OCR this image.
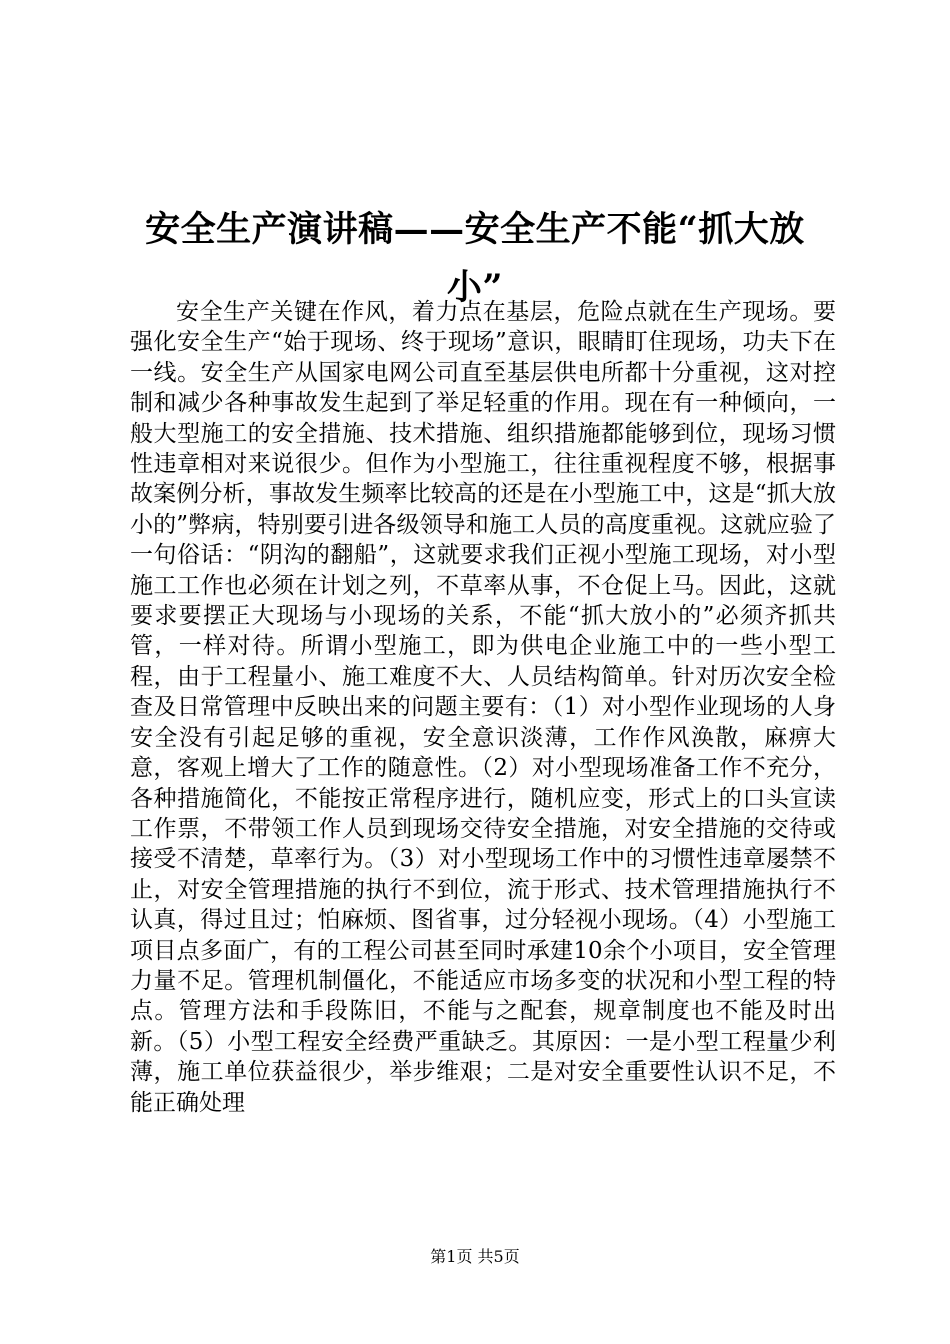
安全生产演讲稿——安全生产不能“抓大放
小”

安全生产关键在作风，着力点在基层，危险点就在生产现场。要强化安全生产“始于现场、终于现场”意识，眼睛盯住现场，功夫下在一线。安全生产从国家电网公司直至基层供电所都十分重视，这对控制和减少各种事故发生起到了举足轻重的作用。现在有一种倾向，一般大型施工的安全措施、技术措施、组织措施都能够到位，现场习惯性违章相对来说很少。但作为小型施工，往往重视程度不够，根据事故案例分析，事故发生频率比较高的还是在小型施工中，这是“抓大放小的”弊病，特别要引进各级领导和施工人员的高度重视。这就应验了一句俗话：“阴沟的翻船”，这就要求我们正视小型施工现场，对小型施工工作也必须在计划之列，不草率从事，不仓促上马。因此，这就要求要摆正大现场与小现场的关系，不能“抓大放小的”必须齐抓共管，一样对待。所谓小型施工，即为供电企业施工中的一些小型工程，由于工程量小、施工难度不大、人员结构简单。针对历次安全检查及日常管理中反映出来的问题主要有：（1）对小型作业现场的人身安全没有引起足够的重视，安全意识淡薄，工作作风涣散，麻痹大意，客观上增大了工作的随意性。（2）对小型现场准备工作不充分，各种措施简化，不能按正常程序进行，随机应变，形式上的口头宣读工作票，不带领工作人员到现场交待安全措施，对安全措施的交待或接受不清楚，草率行为。（3）对小型现场工作中的习惯性违章屡禁不止，对安全管理措施的执行不到位，流于形式、技术管理措施执行不认真，得过且过；怕麻烦、图省事，过分轻视小现场。（4）小型施工项目点多面广，有的工程公司甚至同时承建10余个小项目，安全管理力量不足。管理机制僵化，不能适应市场多变的状况和小型工程的特点。管理方法和手段陈旧，不能与之配套，规章制度也不能及时出新。（5）小型工程安全经费严重缺乏。其原因：一是小型工程量少利薄，施工单位获益很少，举步维艰；二是对安全重要性认识不足，不能正确处理

第1页 共5页
